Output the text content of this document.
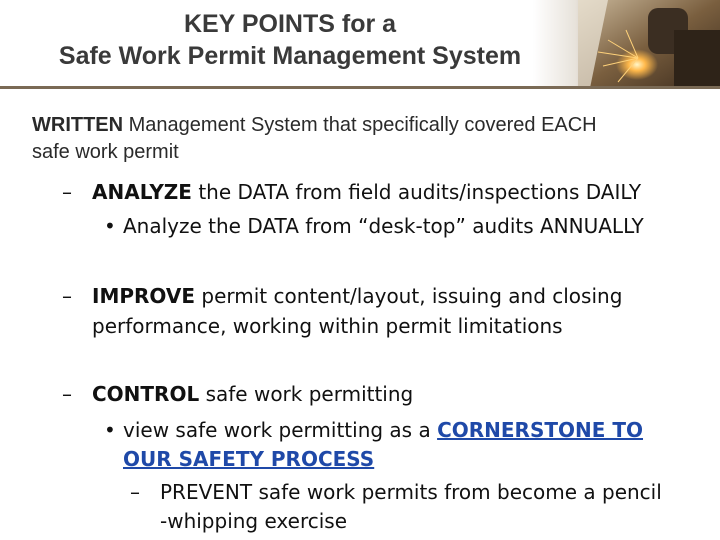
KEY POINTS for a
Safe Work Permit Management System
WRITTEN Management System that specifically covered EACH
safe work permit
– ANALYZE the DATA from field audits/inspections DAILY
• Analyze the DATA from “desk-top” audits ANNUALLY
– IMPROVE permit content/layout, issuing and closing
performance, working within permit limitations
– CONTROL safe work permitting
• view safe work permitting as a CORNERSTONE TO
OUR SAFETY PROCESS
– PREVENT safe work permits from become a pencil
-whipping exercise
